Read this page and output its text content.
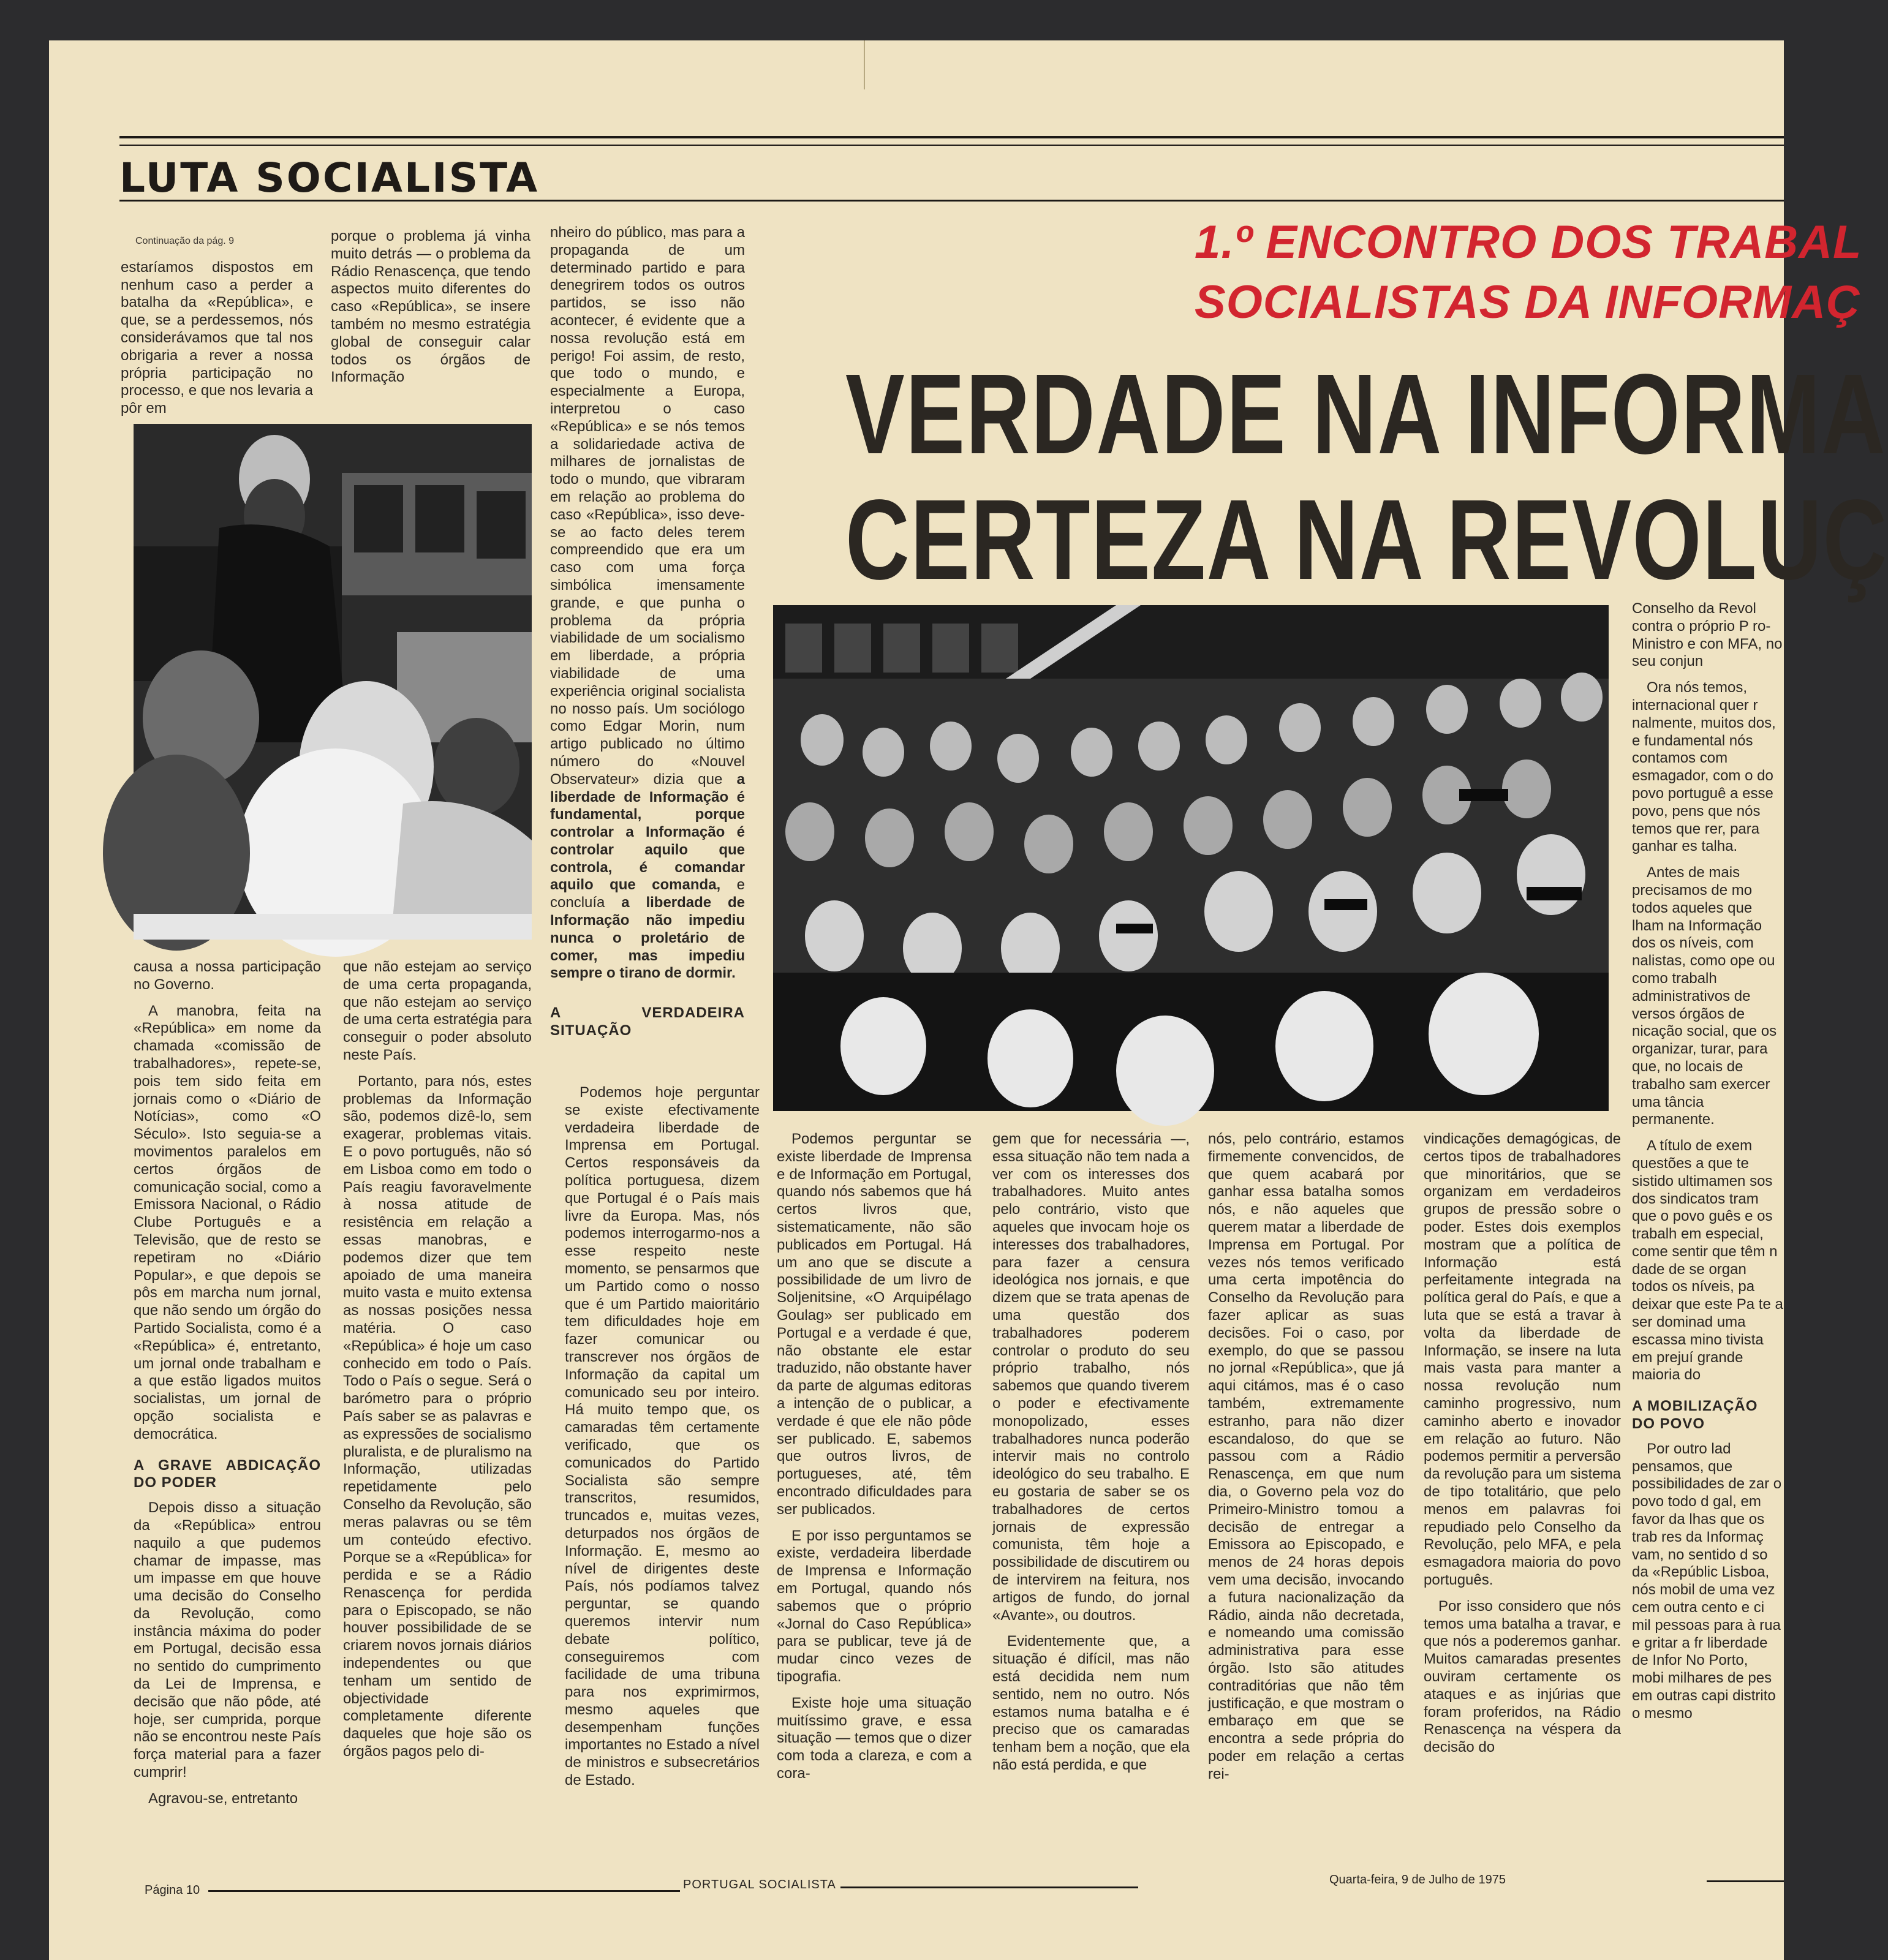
LUTA SOCIALISTA
1.º ENCONTRO DOS TRABAL
SOCIALISTAS DA INFORMAÇ
VERDADE NA INFORMA
CERTEZA NA REVOLUÇ

Continuação da pág. 9

estaríamos dispostos em nenhum caso a perder a batalha da «República», e que, se a perdessemos, nós considerávamos que tal nos obrigaria a rever a nossa própria participação no processo, e que nos levaria a pôr em

porque o problema já vinha muito detrás — o problema da Rádio Renascença, que tendo aspectos muito diferentes do caso «República», se insere também no mesmo estratégia global de conseguir calar todos os órgãos de Informação

nheiro do público, mas para a propaganda de um determinado partido e para denegrirem todos os outros partidos, se isso não acontecer, é evidente que a nossa revolução está em perigo! Foi assim, de resto, que todo o mundo, e especialmente a Europa, interpretou o caso «República» e se nós temos a solidariedade activa de milhares de jornalistas de todo o mundo, que vibraram em relação ao problema do caso «República», isso deve-se ao facto deles terem compreendido que era um caso com uma força simbólica imensamente grande, e que punha o problema da própria viabilidade de um socialismo em liberdade, a própria viabilidade de uma experiência original socialista no nosso país. Um sociólogo como Edgar Morin, num artigo publicado no último número do «Nouvel Observateur» dizia que a liberdade de Informação é fundamental, porque controlar a Informação é controlar aquilo que controla, é comandar aquilo que comanda, e concluía a liberdade de Informação não impediu nunca o proletário de comer, mas impediu sempre o tirano de dormir.

A VERDADEIRA SITUAÇÃO

causa a nossa participação no Governo.

A manobra, feita na «República» em nome da chamada «comissão de trabalhadores», repete-se, pois tem sido feita em jornais como o «Diário de Notícias», como «O Século». Isto seguia-se a movimentos paralelos em certos órgãos de comunicação social, como a Emissora Nacional, o Rádio Clube Português e a Televisão, que de resto se repetiram no «Diário Popular», e que depois se pôs em marcha num jornal, que não sendo um órgão do Partido Socialista, como é a «República» é, entretanto, um jornal onde trabalham e a que estão ligados muitos socialistas, um jornal de opção socialista e democrática.

A GRAVE ABDICAÇÃO DO PODER

Depois disso a situação da «República» entrou naquilo a que pudemos chamar de impasse, mas um impasse em que houve uma decisão do Conselho da Revolução, como instância máxima do poder em Portugal, decisão essa no sentido do cumprimento da Lei de Imprensa, e decisão que não pôde, até hoje, ser cumprida, porque não se encontrou neste País força material para a fazer cumprir!

Agravou-se, entretanto

que não estejam ao serviço de uma certa propaganda, que não estejam ao serviço de uma certa estratégia para conseguir o poder absoluto neste País.

Portanto, para nós, estes problemas da Informação são, podemos dizê-lo, sem exagerar, problemas vitais. E o povo português, não só em Lisboa como em todo o País reagiu favoravelmente à nossa atitude de resistência em relação a essas manobras, e podemos dizer que tem apoiado de uma maneira muito vasta e muito extensa as nossas posições nessa matéria. O caso «República» é hoje um caso conhecido em todo o País. Todo o País o segue. Será o barómetro para o próprio País saber se as palavras e as expressões de socialismo pluralista, e de pluralismo na Informação, utilizadas repetidamente pelo Conselho da Revolução, são meras palavras ou se têm um conteúdo efectivo. Porque se a «República» for perdida e se a Rádio Renascença for perdida para o Episcopado, se não houver possibilidade de se criarem novos jornais diários independentes ou que tenham um sentido de objectividade completamente diferente daqueles que hoje são os órgãos pagos pelo di-

Podemos hoje perguntar se existe efectivamente verdadeira liberdade de Imprensa em Portugal. Certos responsáveis da política portuguesa, dizem que Portugal é o País mais livre da Europa. Mas, nós podemos interrogarmo-nos a esse respeito neste momento, se pensarmos que um Partido como o nosso que é um Partido maioritário tem dificuldades hoje em fazer comunicar ou transcrever nos órgãos de Informação da capital um comunicado seu por inteiro. Há muito tempo que, os camaradas têm certamente verificado, que os comunicados do Partido Socialista são sempre transcritos, resumidos, truncados e, muitas vezes, deturpados nos órgãos de Informação. E, mesmo ao nível de dirigentes deste País, nós podíamos talvez perguntar, se quando queremos intervir num debate político, conseguiremos com facilidade de uma tribuna para nos exprimirmos, mesmo aqueles que desempenham funções importantes no Estado a nível de ministros e subsecretários de Estado.

Podemos perguntar se existe liberdade de Imprensa e de Informação em Portugal, quando nós sabemos que há certos livros que, sistematicamente, não são publicados em Portugal. Há um ano que se discute a possibilidade de um livro de Soljenitsine, «O Arquipélago Goulag» ser publicado em Portugal e a verdade é que, não obstante ele estar traduzido, não obstante haver da parte de algumas editoras a intenção de o publicar, a verdade é que ele não pôde ser publicado. E, sabemos que outros livros, de portugueses, até, têm encontrado dificuldades para ser publicados.

E por isso perguntamos se existe, verdadeira liberdade de Imprensa e Informação em Portugal, quando nós sabemos que o próprio «Jornal do Caso República» para se publicar, teve já de mudar cinco vezes de tipografia.

Existe hoje uma situação muitíssimo grave, e essa situação — temos que o dizer com toda a clareza, e com a cora-

gem que for necessária —, essa situação não tem nada a ver com os interesses dos trabalhadores. Muito antes pelo contrário, visto que aqueles que invocam hoje os interesses dos trabalhadores, para fazer a censura ideológica nos jornais, e que dizem que se trata apenas de uma questão dos trabalhadores poderem controlar o produto do seu próprio trabalho, nós sabemos que quando tiverem o poder e efectivamente monopolizado, esses trabalhadores nunca poderão intervir mais no controlo ideológico do seu trabalho. E eu gostaria de saber se os trabalhadores de certos jornais de expressão comunista, têm hoje a possibilidade de discutirem ou de intervirem na feitura, nos artigos de fundo, do jornal «Avante», ou doutros.

Evidentemente que, a situação é difícil, mas não está decidida nem num sentido, nem no outro. Nós estamos numa batalha e é preciso que os camaradas tenham bem a noção, que ela não está perdida, e que

nós, pelo contrário, estamos firmemente convencidos, de que quem acabará por ganhar essa batalha somos nós, e não aqueles que querem matar a liberdade de Imprensa em Portugal. Por vezes nós temos verificado uma certa impotência do Conselho da Revolução para fazer aplicar as suas decisões. Foi o caso, por exemplo, do que se passou no jornal «República», que já aqui citámos, mas é o caso também, extremamente estranho, para não dizer escandaloso, do que se passou com a Rádio Renascença, em que num dia, o Governo pela voz do Primeiro-Ministro tomou a decisão de entregar a Emissora ao Episcopado, e menos de 24 horas depois vem uma decisão, invocando a futura nacionalização da Rádio, ainda não decretada, e nomeando uma comissão administrativa para esse órgão. Isto são atitudes contraditórias que não têm justificação, e que mostram o embaraço em que se encontra a sede própria do poder em relação a certas rei-

vindicações demagógicas, de certos tipos de trabalhadores que minoritários, que se organizam em verdadeiros grupos de pressão sobre o poder. Estes dois exemplos mostram que a política de Informação está perfeitamente integrada na política geral do País, e que a luta que se está a travar à volta da liberdade de Informação, se insere na luta mais vasta para manter a nossa revolução num caminho progressivo, num caminho aberto e inovador em relação ao futuro. Não podemos permitir a perversão da revolução para um sistema de tipo totalitário, que pelo menos em palavras foi repudiado pelo Conselho da Revolução, pelo MFA, e pela esmagadora maioria do povo português.

Por isso considero que nós temos uma batalha a travar, e que nós a poderemos ganhar. Muitos camaradas presentes ouviram certamente os ataques e as injúrias que foram proferidos, na Rádio Renascença na véspera da decisão do

Conselho da Revol contra o próprio P ro-Ministro e con MFA, no seu conjun

Ora nós temos, internacional quer r nalmente, muitos dos, e fundamental nós contamos com esmagador, com o do povo portuguê a esse povo, pens que nós temos que rer, para ganhar es talha.

Antes de mais precisamos de mo todos aqueles que lham na Informação dos os níveis, com nalistas, como ope ou como trabalh administrativos de versos órgãos de nicação social, que os organizar, turar, para que, no locais de trabalho sam exercer uma tância permanente.

A título de exem questões a que te sistido ultimamen sos dos sindicatos tram que o povo guês e os trabalh em especial, come sentir que têm n dade de se organ todos os níveis, pa deixar que este Pa te a ser dominad uma escassa mino tivista em prejuí grande maioria do

A MOBILIZAÇÃO DO POVO

Por outro lad pensamos, que possibilidades de zar o povo todo d gal, em favor da lhas que os trab res da Informaç vam, no sentido d so da «Repúblic Lisboa, nós mobil de uma vez cem outra cento e ci mil pessoas para à rua e gritar a fr liberdade de Infor No Porto, mobi milhares de pes em outras capi distrito o mesmo

Página 10	PORTUGAL SOCIALISTA	Quarta-feira, 9 de Julho de 1975
